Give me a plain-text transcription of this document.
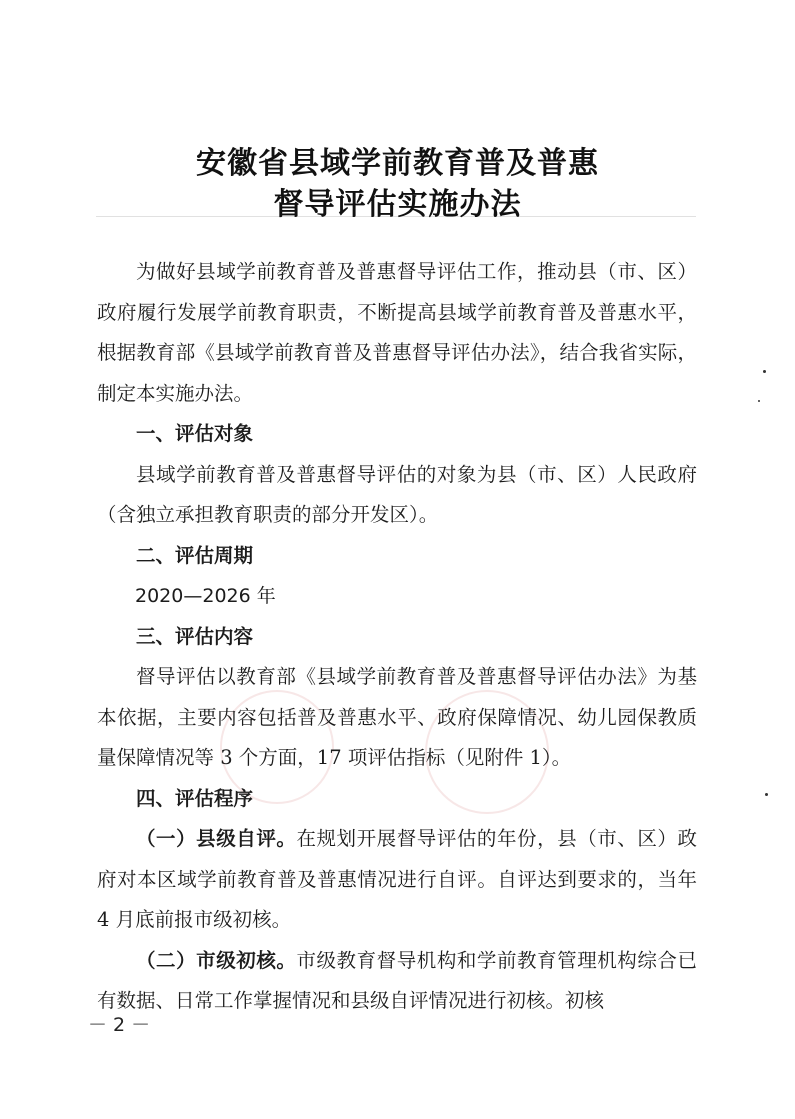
安徽省县域学前教育普及普惠
督导评估实施办法

为做好县域学前教育普及普惠督导评估工作，推动县（市、区）政府履行发展学前教育职责，不断提高县域学前教育普及普惠水平，根据教育部《县域学前教育普及普惠督导评估办法》，结合我省实际，制定本实施办法。

一、评估对象

县域学前教育普及普惠督导评估的对象为县（市、区）人民政府（含独立承担教育职责的部分开发区）。

二、评估周期

2020—2026 年

三、评估内容

督导评估以教育部《县域学前教育普及普惠督导评估办法》为基本依据，主要内容包括普及普惠水平、政府保障情况、幼儿园保教质量保障情况等 3 个方面，17 项评估指标（见附件 1）。

四、评估程序

（一）县级自评。在规划开展督导评估的年份，县（市、区）政府对本区域学前教育普及普惠情况进行自评。自评达到要求的，当年 4 月底前报市级初核。

（二）市级初核。市级教育督导机构和学前教育管理机构综合已有数据、日常工作掌握情况和县级自评情况进行初核。初核

－ 2 －
